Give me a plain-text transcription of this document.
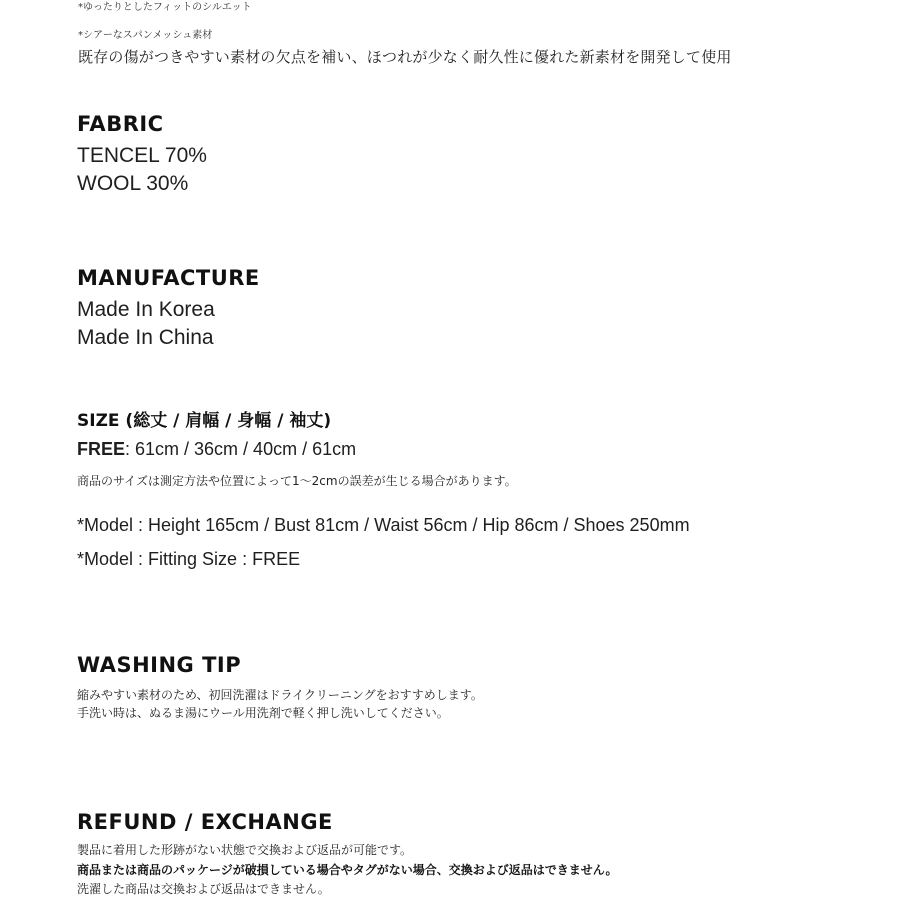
*ゆったりとしたフィットのシルエット
*シアーなスパンメッシュ素材
既存の傷がつきやすい素材の欠点を補い、ほつれが少なく耐久性に優れた新素材を開発して使用
FABRIC
TENCEL 70%
WOOL 30%
MANUFACTURE
Made In Korea
Made In China
SIZE (総丈 / 肩幅 / 身幅 / 袖丈)
FREE: 61cm / 36cm / 40cm / 61cm
商品のサイズは測定方法や位置によって1〜2cmの誤差が生じる場合があります。
*Model : Height 165cm / Bust 81cm / Waist 56cm / Hip 86cm / Shoes 250mm
*Model : Fitting Size : FREE
WASHING TIP
縮みやすい素材のため、初回洗濯はドライクリーニングをおすすめします。
手洗い時は、ぬるま湯にウール用洗剤で軽く押し洗いしてください。
REFUND / EXCHANGE
製品に着用した形跡がない状態で交換および返品が可能です。
商品または商品のパッケージが破損している場合やタグがない場合、交換および返品はできません。
洗濯した商品は交換および返品はできません。
